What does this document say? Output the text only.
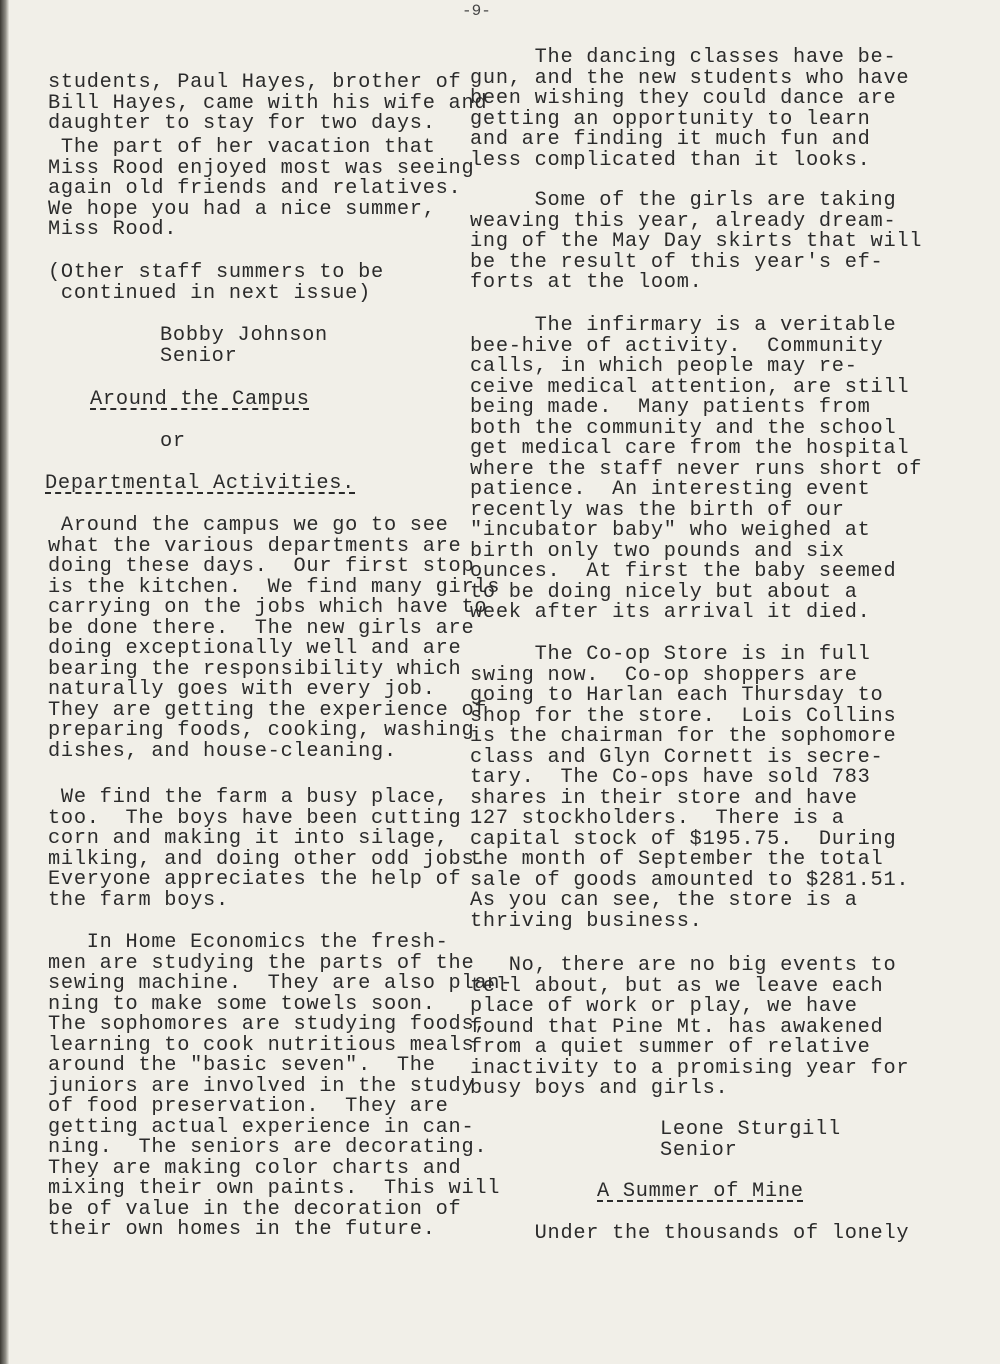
-9-
students, Paul Hayes, brother of
Bill Hayes, came with his wife and
daughter to stay for two days.
The part of her vacation that
Miss Rood enjoyed most was seeing
again old friends and relatives.
We hope you had a nice summer,
Miss Rood.
(Other staff summers to be
continued in next issue)
Bobby Johnson
Senior
Around the Campus
or
Departmental Activities.
Around the campus we go to see
what the various departments are
doing these days.  Our first stop
is the kitchen.  We find many girls
carrying on the jobs which have to
be done there.  The new girls are
doing exceptionally well and are
bearing the responsibility which
naturally goes with every job.
They are getting the experience of
preparing foods, cooking, washing
dishes, and house-cleaning.
We find the farm a busy place,
too.  The boys have been cutting
corn and making it into silage,
milking, and doing other odd jobs.
Everyone appreciates the help of
the farm boys.
In Home Economics the fresh-
men are studying the parts of the
sewing machine.  They are also plan-
ning to make some towels soon.
The sophomores are studying foods,
learning to cook nutritious meals
around the "basic seven".  The
juniors are involved in the study
of food preservation.  They are
getting actual experience in can-
ning.  The seniors are decorating.
They are making color charts and
mixing their own paints.  This will
be of value in the decoration of
their own homes in the future.
The dancing classes have be-
gun, and the new students who have
been wishing they could dance are
getting an opportunity to learn
and are finding it much fun and
less complicated than it looks.
Some of the girls are taking
weaving this year, already dream-
ing of the May Day skirts that will
be the result of this year's ef-
forts at the loom.
The infirmary is a veritable
bee-hive of activity.  Community
calls, in which people may re-
ceive medical attention, are still
being made.  Many patients from
both the community and the school
get medical care from the hospital
where the staff never runs short of
patience.  An interesting event
recently was the birth of our
"incubator baby" who weighed at
birth only two pounds and six
ounces.  At first the baby seemed
to be doing nicely but about a
week after its arrival it died.
The Co-op Store is in full
swing now.  Co-op shoppers are
going to Harlan each Thursday to
shop for the store.  Lois Collins
is the chairman for the sophomore
class and Glyn Cornett is secre-
tary.  The Co-ops have sold 783
shares in their store and have
127 stockholders.  There is a
capital stock of $195.75.  During
the month of September the total
sale of goods amounted to $281.51.
As you can see, the store is a
thriving business.
No, there are no big events to
tell about, but as we leave each
place of work or play, we have
found that Pine Mt. has awakened
from a quiet summer of relative
inactivity to a promising year for
busy boys and girls.
Leone Sturgill
Senior
A Summer of Mine
Under the thousands of lonely
